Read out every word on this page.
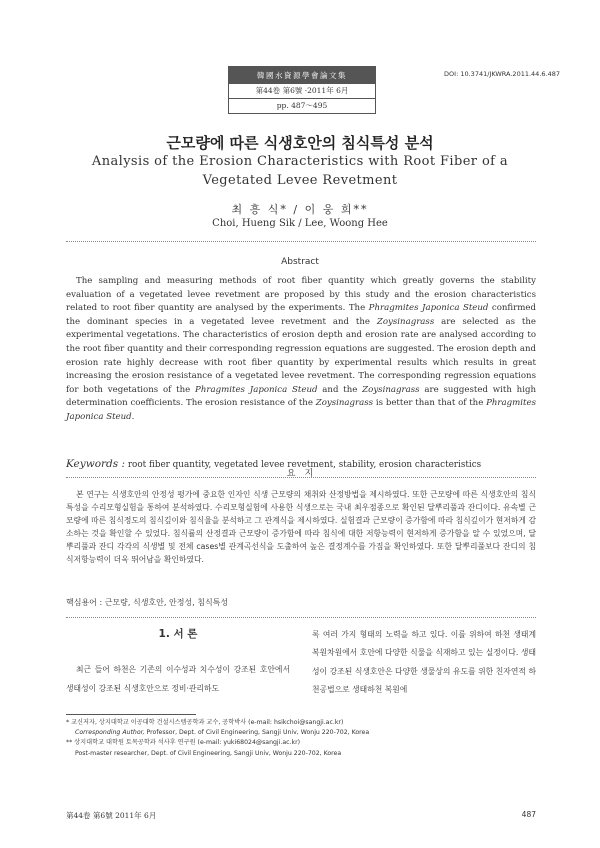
韓國水資源學會論文集
第44卷 第6號 ·2011年 6月
pp. 487～495
DOI: 10.3741/JKWRA.2011.44.6.487
근모량에 따른 식생호안의 침식특성 분석
Analysis of the Erosion Characteristics with Root Fiber of a
Vegetated Levee Revetment
최 흥 식* / 이 웅 희**
Choi, Hueng Sik / Lee, Woong Hee
Abstract
The sampling and measuring methods of root fiber quantity which greatly governs the stability evaluation of a vegetated levee revetment are proposed by this study and the erosion characteristics related to root fiber quantity are analysed by the experiments. The Phragmites Japonica Steud confirmed the dominant species in a vegetated levee revetment and the Zoysinagrass are selected as the experimental vegetations. The characteristics of erosion depth and erosion rate are analysed according to the root fiber quantity and their corresponding regression equations are suggested. The erosion depth and erosion rate highly decrease with root fiber quantity by experimental results which results in great increasing the erosion resistance of a vegetated levee revetment. The corresponding regression equations for both vegetations of the Phragmites Japonica Steud and the Zoysinagrass are suggested with high determination coefficients. The erosion resistance of the Zoysinagrass is better than that of the Phragmites Japonica Steud.
Keywords : root fiber quantity, vegetated levee revetment, stability, erosion characteristics
요　지
본 연구는 식생호안의 안정성 평가에 중요한 인자인 식생 근모량의 채취와 산정방법을 제시하였다. 또한 근모량에 따른 식생호안의 침식특성을 수리모형실험을 통하여 분석하였다. 수리모형실험에 사용한 식생으로는 국내 최우점종으로 확인된 달뿌리풀과 잔디이다. 유속별 근모량에 따른 침식정도의 침식깊이와 침식율을 분석하고 그 관계식을 제시하였다. 실험결과 근모량이 증가함에 따라 침식깊이가 현저하게 감소하는 것을 확인할 수 있었다. 침식률의 산정결과 근모량이 증가함에 따라 침식에 대한 저항능력이 현저하게 증가함을 알 수 있었으며, 달뿌리풀과 잔디 각각의 식생별 및 전체 cases별 관계곡선식을 도출하여 높은 결정계수를 가짐을 확인하였다. 또한 달뿌리풀보다 잔디의 침식저항능력이 더욱 뛰어남을 확인하였다.
핵심용어 : 근모량, 식생호안, 안정성, 침식특성
1. 서 론
최근 들어 하천은 기존의 이수성과 치수성이 강조된 호안에서 생태성이 강조된 식생호안으로 정비·관리하도
록 여러 가지 형태의 노력을 하고 있다. 이를 위하여 하천 생태계 복원차원에서 호안에 다양한 식물을 식재하고 있는 실정이다. 생태성이 강조된 식생호안은 다양한 생물상의 유도를 위한 친자연적 하천공법으로 생태하천 복원에
* 교신저자, 상지대학교 이공대학 건설시스템공학과 교수, 공학박사 (e-mail: hsikchoi@sangji.ac.kr)
Corresponding Author, Professor, Dept. of Civil Engineering, Sangji Univ, Wonju 220-702, Korea
** 상지대학교 대학원 토목공학과 석사후 연구원 (e-mail: yuki68024@sangji.ac.kr)
Post-master researcher, Dept. of Civil Engineering, Sangji Univ, Wonju 220-702, Korea
第44卷 第6號 2011年 6月	487
